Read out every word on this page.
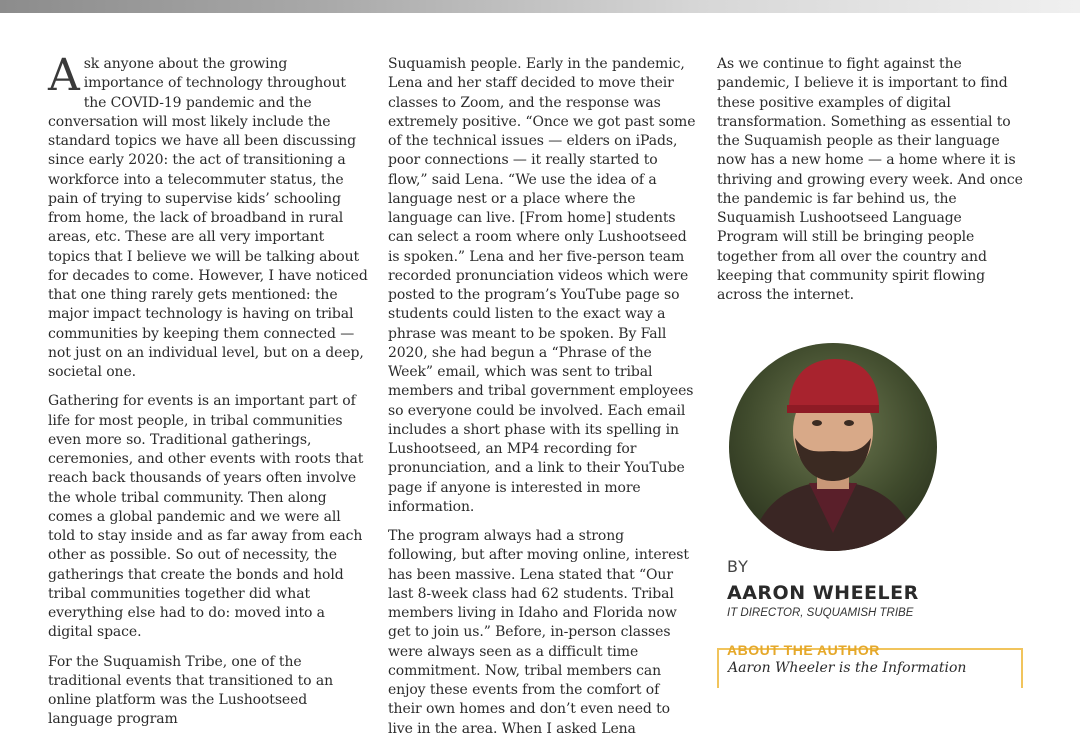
Ask anyone about the growing importance of technology throughout the COVID-19 pandemic and the conversation will most likely include the standard topics we have all been discussing since early 2020: the act of transitioning a workforce into a telecommuter status, the pain of trying to supervise kids’ schooling from home, the lack of broadband in rural areas, etc. These are all very important topics that I believe we will be talking about for decades to come. However, I have noticed that one thing rarely gets mentioned: the major impact technology is having on tribal communities by keeping them connected — not just on an individual level, but on a deep, societal one.

Gathering for events is an important part of life for most people, in tribal communities even more so. Traditional gatherings, ceremonies, and other events with roots that reach back thousands of years often involve the whole tribal community. Then along comes a global pandemic and we were all told to stay inside and as far away from each other as possible. So out of necessity, the gatherings that create the bonds and hold tribal communities together did what everything else had to do: moved into a digital space.

For the Suquamish Tribe, one of the traditional events that transitioned to an online platform was the Lushootseed language program

Suquamish people. Early in the pandemic, Lena and her staff decided to move their classes to Zoom, and the response was extremely positive. “Once we got past some of the technical issues — elders on iPads, poor connections — it really started to flow,” said Lena. “We use the idea of a language nest or a place where the language can live. [From home] students can select a room where only Lushootseed is spoken.” Lena and her five-person team recorded pronunciation videos which were posted to the program’s YouTube page so students could listen to the exact way a phrase was meant to be spoken. By Fall 2020, she had begun a “Phrase of the Week” email, which was sent to tribal members and tribal government employees so everyone could be involved. Each email includes a short phase with its spelling in Lushootseed, an MP4 recording for pronunciation, and a link to their YouTube page if anyone is interested in more information.

The program always had a strong following, but after moving online, interest has been massive. Lena stated that “Our last 8-week class had 62 students. Tribal members living in Idaho and Florida now get to join us.” Before, in-person classes were always seen as a difficult time commitment. Now, tribal members can enjoy these events from the comfort of their own homes and don’t even need to live in the area. When I asked Lena

As we continue to fight against the pandemic, I believe it is important to find these positive examples of digital transformation. Something as essential to the Suquamish people as their language now has a new home — a home where it is thriving and growing every week. And once the pandemic is far behind us, the Suquamish Lushootseed Language Program will still be bringing people together from all over the country and keeping that community spirit flowing across the internet.

BY
AARON WHEELER
IT DIRECTOR, SUQUAMISH TRIBE
ABOUT THE AUTHOR
Aaron Wheeler is the Information
